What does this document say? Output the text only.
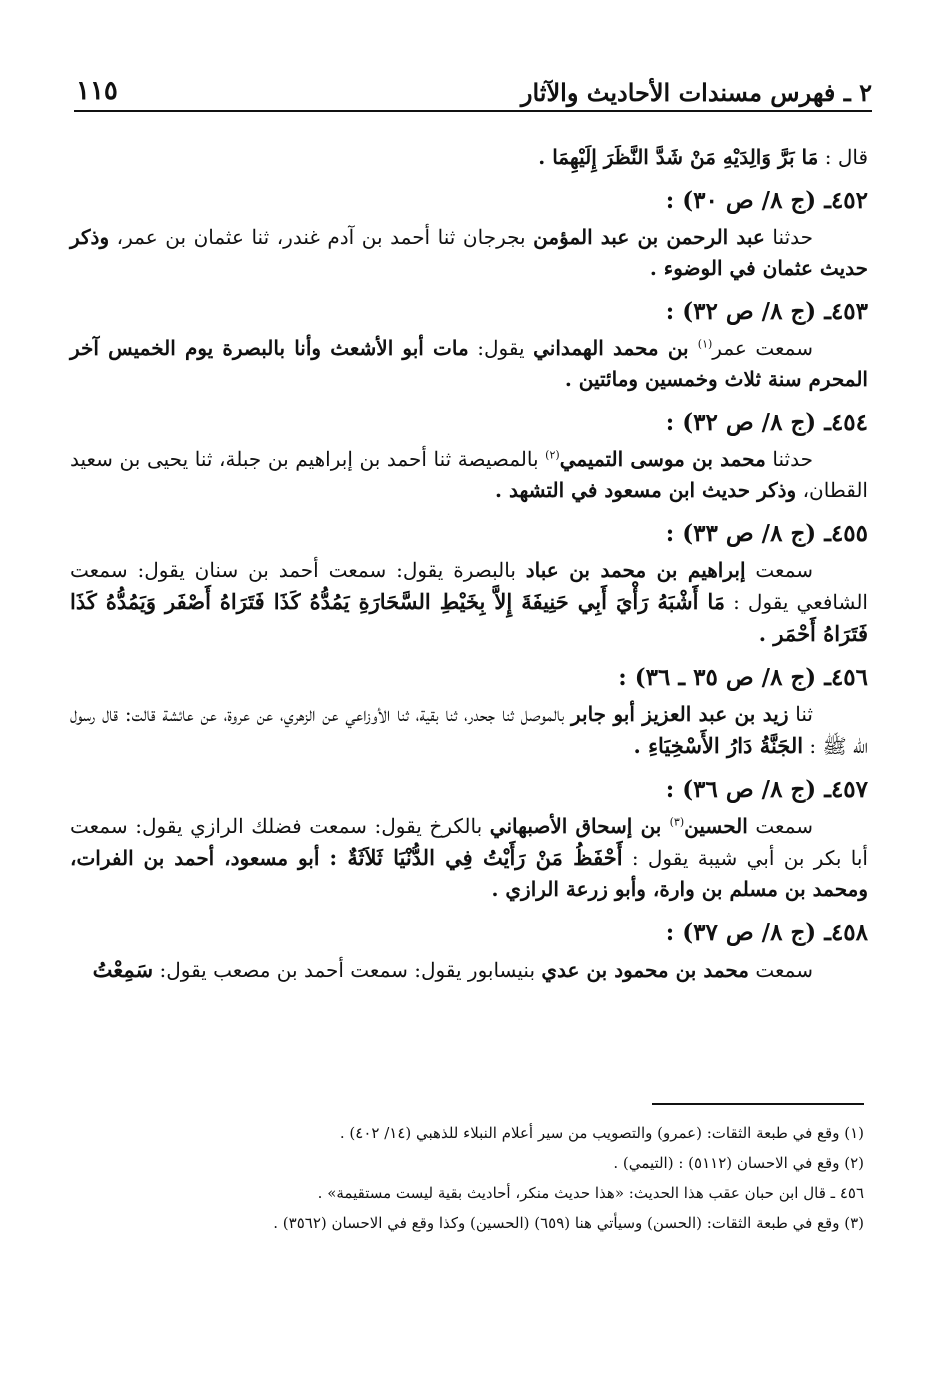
٢ ـ فهرس مسندات الأحاديث والآثار
١١٥

قال : مَا بَرَّ وَالِدَيْهِ مَنْ شَدَّ النَّظَرَ إِلَيْهِمَا .

٤٥٢ـ (ج ٨/ ص ٣٠) :

حدثنا عبد الرحمن بن عبد المؤمن بجرجان ثنا أحمد بن آدم غندر، ثنا عثمان بن عمر، وذكر حديث عثمان في الوضوء .

٤٥٣ـ (ج ٨/ ص ٣٢) :

سمعت عمر$^{(١)}$ بن محمد الهمداني يقول: مات أبو الأشعث وأنا بالبصرة يوم الخميس آخر المحرم سنة ثلاث وخمسين ومائتين .

٤٥٤ـ (ج ٨/ ص ٣٢) :

حدثنا محمد بن موسى التميمي$^{(٢)}$ بالمصيصة ثنا أحمد بن إبراهيم بن جبلة، ثنا يحيى بن سعيد القطان، وذكر حديث ابن مسعود في التشهد .

٤٥٥ـ (ج ٨/ ص ٣٣) :

سمعت إبراهيم بن محمد بن عباد بالبصرة يقول: سمعت أحمد بن سنان يقول: سمعت الشافعي يقول : مَا أَشْبَهُ رَأْيَ أَبِي حَنِيفَةَ إِلاَّ بِخَيْطِ السَّحَارَةِ يَمُدُّهُ كَذَا فَتَرَاهُ أَصْفَر وَيَمُدُّهُ كَذَا فَتَرَاهُ أَحْمَر .

٤٥٦ـ (ج ٨/ ص ٣٥ ـ ٣٦) :

ثنا زيد بن عبد العزيز أبو جابر بالموصل ثنا جحدر، ثنا بقية، ثنا الأوزاعي عن الزهري، عن عروة، عن عائشة قالت: قال رسول الله ﷺ : الجَنَّةُ دَارُ الأَسْخِيَاءِ .

٤٥٧ـ (ج ٨/ ص ٣٦) :

سمعت الحسين$^{(٣)}$ بن إسحاق الأصبهاني بالكرخ يقول: سمعت فضلك الرازي يقول: سمعت أبا بكر بن أبي شيبة يقول : أَحْفَظُ مَنْ رَأَيْتُ فِي الدُّنْيَا ثَلاَثَةٌ : أبو مسعود، أحمد بن الفرات، ومحمد بن مسلم بن وارة، وأبو زرعة الرازي .

٤٥٨ـ (ج ٨/ ص ٣٧) :

سمعت محمد بن محمود بن عدي بنيسابور يقول: سمعت أحمد بن مصعب يقول: سَمِعْتُ

(١) وقع في طبعة الثقات: (عمرو) والتصويب من سير أعلام النبلاء للذهبي (١٤/ ٤٠٢) .

(٢) وقع في الاحسان (٥١١٢) : (التيمي) .

٤٥٦ ـ قال ابن حبان عقب هذا الحديث: «هذا حديث منكر، أحاديث بقية ليست مستقيمة» .

(٣) وقع في طبعة الثقات: (الحسن) وسيأتي هنا (٦٥٩) (الحسين) وكذا وقع في الاحسان (٣٥٦٢) .
